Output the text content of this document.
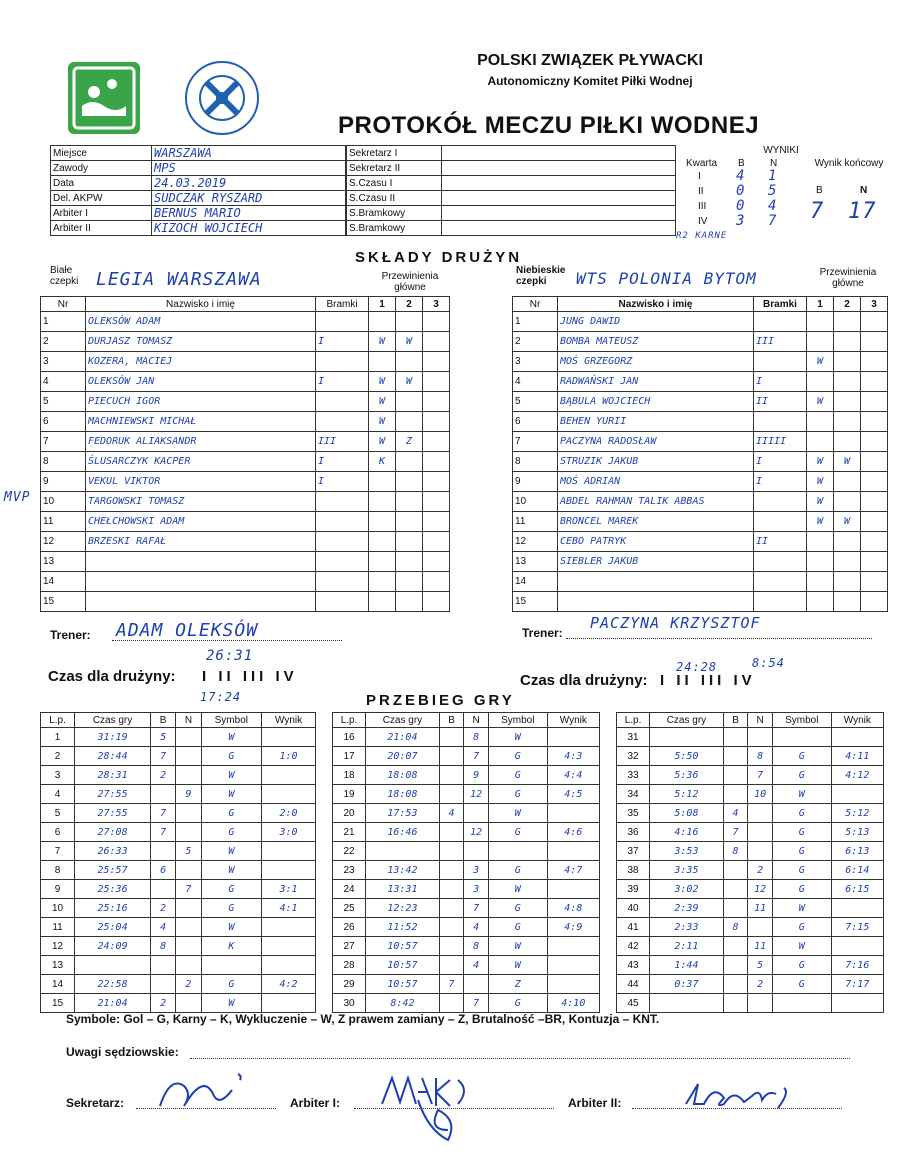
POLSKI ZWIĄZEK PŁYWACKI
Autonomiczny Komitet Piłki Wodnej
PROTOKÓŁ MECZU PIŁKI WODNEJ
Miejsce	WARSZAWA
Zawody	MPS
Data	24.03.2019
Del. AKPW	SUDCZAK RYSZARD
Arbiter I	BERNUS MARIO
Arbiter II	KIZOCH WOJCIECH
Sekretarz I	
Sekretarz II	
S.Czasu I	
S.Czasu II	
S.Bramkowy	
S.Bramkowy	
WYNIKI
Kwarta B	N	Wynik końcowy
I	4 1
II 0 5
III 0 4
IV 3 7
B	N
7 17
R2 KARNE
SKŁADY DRUŻYN
Białe czepki LEGIA WARSZAWA	Przewinienia główne
Nr	Nazwisko i imię	Bramki	1	2	3
1	OLEKSÓW ADAM				
2	DURJASZ TOMASZ	I	W	W	
3	KOZERA, MACIEJ				
4	OLEKSÓW JAN	I	W	W	
5	PIECUCH IGOR		W		
6	MACHNIEWSKI MICHAŁ		W		
7	FEDORUK ALIAKSANDR	III	W	Z	
8	ŚLUSARCZYK KACPER	I	K		
9	VEKUL VIKTOR	I			
10	TARGOWSKI TOMASZ				
11	CHEŁCHOWSKI ADAM				
12	BRZESKI RAFAŁ				
13					
14					
15					
Niebieskie czepki	WTS POLONIA BYTOM	Przewinienia główne
Nr	Nazwisko i imię	Bramki	1	2	3
1	JUNG DAWID				
2	BOMBA MATEUSZ	III			
3	MOŚ GRZEGORZ		W		
4	RADWAŃSKI JAN	I			
5	BĄBULA WOJCIECH	II	W		
6	BEHEN YURII				
7	PACZYNA RADOSŁAW	IIIII			
8	STRUZIK JAKUB	I	W	W	
9	MOŚ ADRIAN	I	W		
10	ABDEL RAHMAN TALIK ABBAS		W		
11	BRONCEL MAREK		W	W	
12	CEBO PATRYK	II			
13	SIEBLER JAKUB				
14					
15					
MVP
Trener: ADAM OLEKSÓW	Trener:
PACZYNA KRZYSZTOF
26:31
Czas dla drużyny: I II III IV
17:24
24:28	8:54
Czas dla drużyny: I II III IV
PRZEBIEG GRY
L.p.	Czas gry	B	N	Symbol	Wynik
1	31:19	5		W	
2	28:44	7		G	1:0
3	28:31	2		W	
4	27:55		9	W	
5	27:55	7		G	2:0
6	27:08	7		G	3:0
7	26:33		5	W	
8	25:57	6		W	
9	25:36		7	G	3:1
10	25:16	2		G	4:1
11	25:04	4		W	
12	24:09	8		K	
13					
14	22:58		2	G	4:2
15	21:04	2		W	
L.p.	Czas gry	B	N	Symbol	Wynik
16	21:04		8	W	
17	20:07		7	G	4:3
18	18:08		9	G	4:4
19	18:08		12	G	4:5
20	17:53	4		W	
21	16:46		12	G	4:6
22					
23	13:42		3	G	4:7
24	13:31		3	W	
25	12:23		7	G	4:8
26	11:52		4	G	4:9
27	10:57		8	W	
28	10:57		4	W	
29	10:57	7		Z	
30	8:42		7	G	4:10
L.p.	Czas gry	B	N	Symbol	Wynik
31					
32	5:50		8	G	4:11
33	5:36		7	G	4:12
34	5:12		10	W	
35	5:08	4		G	5:12
36	4:16	7		G	5:13
37	3:53	8		G	6:13
38	3:35		2	G	6:14
39	3:02		12	G	6:15
40	2:39		11	W	
41	2:33	8		G	7:15
42	2:11		11	W	
43	1:44		5	G	7:16
44	0:37		2	G	7:17
45					
Symbole: Gol – G, Karny – K, Wykluczenie – W, Z prawem zamiany – Z, Brutalność –BR, Kontuzja – KNT.
Uwagi sędziowskie:
Sekretarz:	Arbiter I:	Arbiter II:
